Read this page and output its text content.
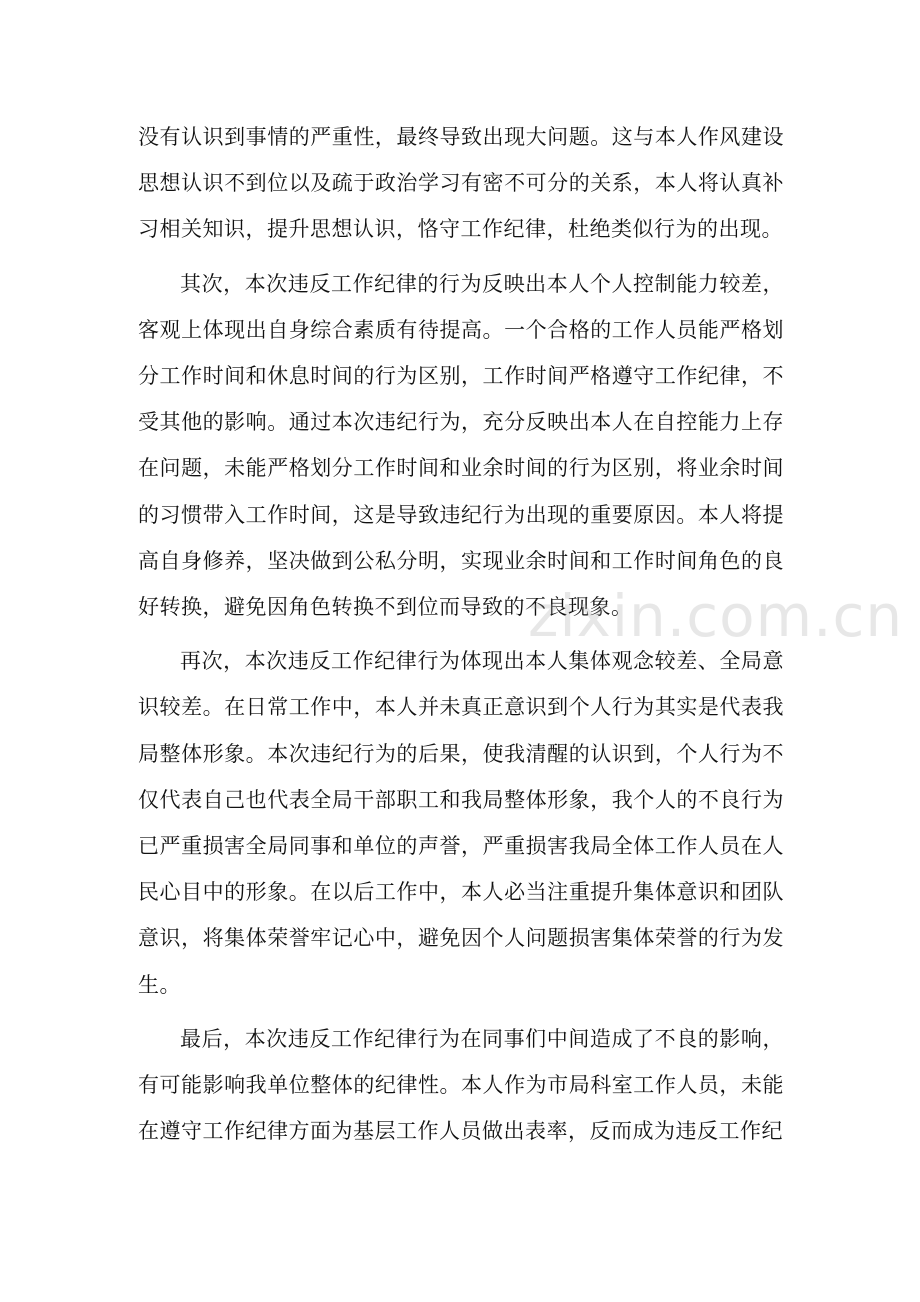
没有认识到事情的严重性，最终导致出现大问题。这与本人作风建设思想认识不到位以及疏于政治学习有密不可分的关系，本人将认真补习相关知识，提升思想认识，恪守工作纪律，杜绝类似行为的出现。

其次，本次违反工作纪律的行为反映出本人个人控制能力较差，客观上体现出自身综合素质有待提高。一个合格的工作人员能严格划分工作时间和休息时间的行为区别，工作时间严格遵守工作纪律，不受其他的影响。通过本次违纪行为，充分反映出本人在自控能力上存在问题，未能严格划分工作时间和业余时间的行为区别，将业余时间的习惯带入工作时间，这是导致违纪行为出现的重要原因。本人将提高自身修养，坚决做到公私分明，实现业余时间和工作时间角色的良好转换，避免因角色转换不到位而导致的不良现象。

再次，本次违反工作纪律行为体现出本人集体观念较差、全局意识较差。在日常工作中，本人并未真正意识到个人行为其实是代表我局整体形象。本次违纪行为的后果，使我清醒的认识到，个人行为不仅代表自己也代表全局干部职工和我局整体形象，我个人的不良行为已严重损害全局同事和单位的声誉，严重损害我局全体工作人员在人民心目中的形象。在以后工作中，本人必当注重提升集体意识和团队意识，将集体荣誉牢记心中，避免因个人问题损害集体荣誉的行为发生。

最后，本次违反工作纪律行为在同事们中间造成了不良的影响，有可能影响我单位整体的纪律性。本人作为市局科室工作人员，未能在遵守工作纪律方面为基层工作人员做出表率，反而成为违反工作纪

zixin.com.cn
